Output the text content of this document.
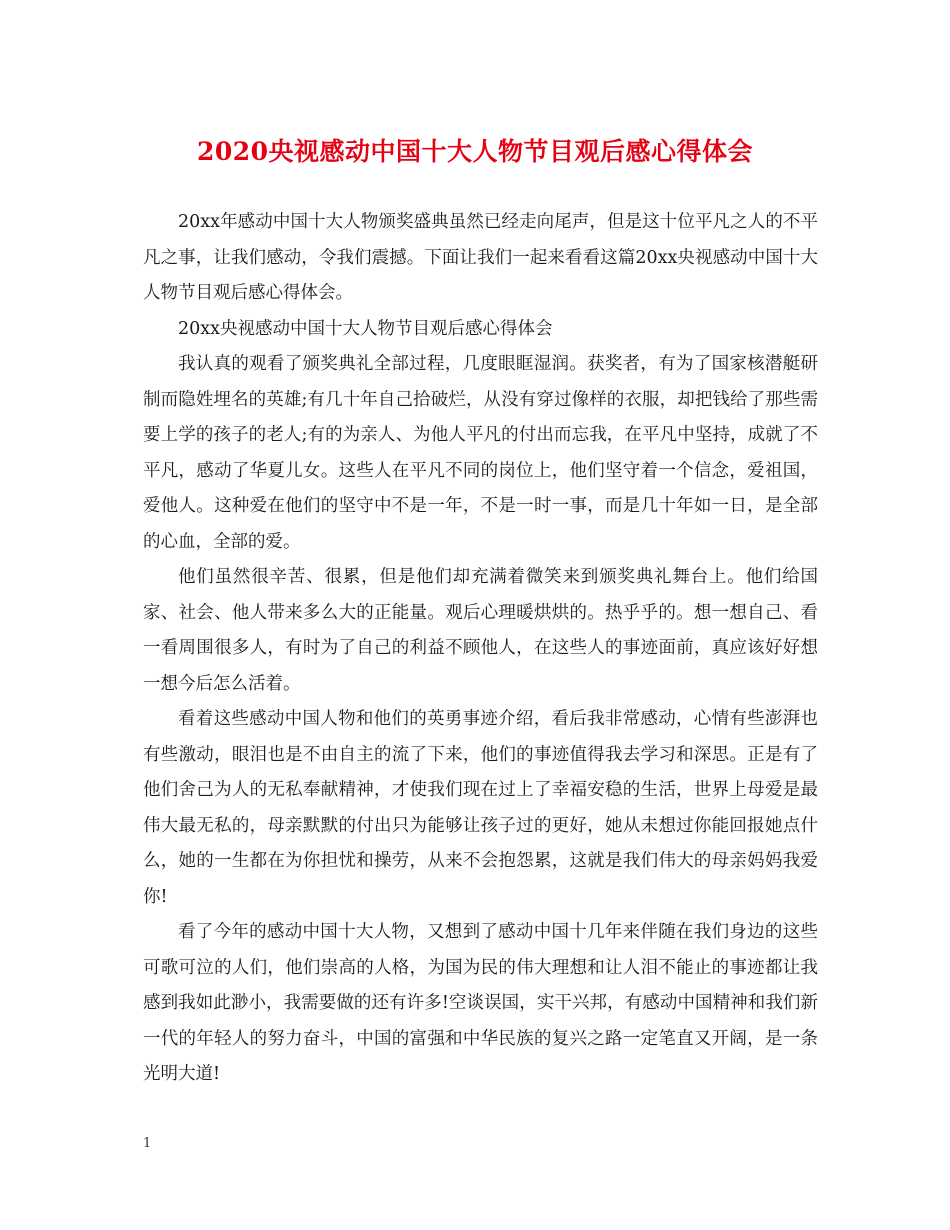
2020央视感动中国十大人物节目观后感心得体会

20xx年感动中国十大人物颁奖盛典虽然已经走向尾声，但是这十位平凡之人的不平凡之事，让我们感动，令我们震撼。下面让我们一起来看看这篇20xx央视感动中国十大人物节目观后感心得体会。

20xx央视感动中国十大人物节目观后感心得体会

我认真的观看了颁奖典礼全部过程，几度眼眶湿润。获奖者，有为了国家核潜艇研制而隐姓埋名的英雄;有几十年自己拾破烂，从没有穿过像样的衣服，却把钱给了那些需要上学的孩子的老人;有的为亲人、为他人平凡的付出而忘我，在平凡中坚持，成就了不平凡，感动了华夏儿女。这些人在平凡不同的岗位上，他们坚守着一个信念，爱祖国，爱他人。这种爱在他们的坚守中不是一年，不是一时一事，而是几十年如一日，是全部的心血，全部的爱。

他们虽然很辛苦、很累，但是他们却充满着微笑来到颁奖典礼舞台上。他们给国家、社会、他人带来多么大的正能量。观后心理暖烘烘的。热乎乎的。想一想自己、看一看周围很多人，有时为了自己的利益不顾他人，在这些人的事迹面前，真应该好好想一想今后怎么活着。

看着这些感动中国人物和他们的英勇事迹介绍，看后我非常感动，心情有些澎湃也有些激动，眼泪也是不由自主的流了下来，他们的事迹值得我去学习和深思。正是有了他们舍己为人的无私奉献精神，才使我们现在过上了幸福安稳的生活，世界上母爱是最伟大最无私的，母亲默默的付出只为能够让孩子过的更好，她从未想过你能回报她点什么，她的一生都在为你担忧和操劳，从来不会抱怨累，这就是我们伟大的母亲妈妈我爱你!

看了今年的感动中国十大人物，又想到了感动中国十几年来伴随在我们身边的这些可歌可泣的人们，他们崇高的人格，为国为民的伟大理想和让人泪不能止的事迹都让我感到我如此渺小，我需要做的还有许多!空谈误国，实干兴邦，有感动中国精神和我们新一代的年轻人的努力奋斗，中国的富强和中华民族的复兴之路一定笔直又开阔，是一条光明大道!

1
